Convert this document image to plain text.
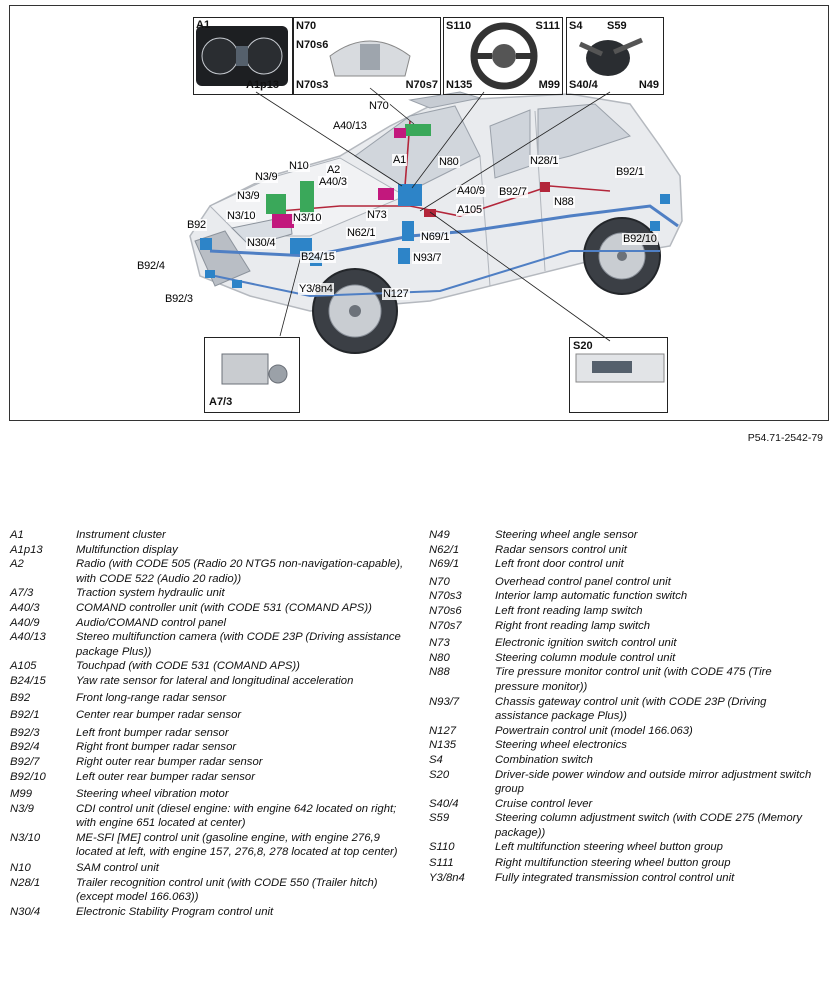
A1
A1p13
N70
N70s6
N70s3	N70s7
S110	S111
N135	M99
S4 S59
S40/4	N49
A7/3
S20
N70
A40/13
N10 A2
A40/3
A1	N80	N28/1
B92/1
N3/9
N3/9
N3/10	N3/10	N73
A40/9 B92/7
A105
N88
B92
N62/1	N69/1	B92/10
N30/4
B92/4
B24/15	N93/7
Y3/8n4	N127
B92/3
P54.71-2542-79
A1	Instrument cluster
A1p13	Multifunction display
A2	Radio (with CODE 505 (Radio 20 NTG5 non-navigation-capable), with CODE 522 (Audio 20 radio))
A7/3	Traction system hydraulic unit
A40/3	COMAND controller unit (with CODE 531 (COMAND APS))
A40/9	Audio/COMAND control panel
A40/13	Stereo multifunction camera (with CODE 23P (Driving assistance package Plus))
A105	Touchpad (with CODE 531 (COMAND APS))
B24/15	Yaw rate sensor for lateral and longitudinal acceleration
B92	Front long-range radar sensor
B92/1	Center rear bumper radar sensor
B92/3	Left front bumper radar sensor
B92/4	Right front bumper radar sensor
B92/7	Right outer rear bumper radar sensor
B92/10	Left outer rear bumper radar sensor
M99	Steering wheel vibration motor
N3/9	CDI control unit (diesel engine: with engine 642 located on right; with engine 651 located at center)
N3/10	ME-SFI [ME] control unit (gasoline engine, with engine 276,9 located at left, with engine 157, 276,8, 278 located at top center)
N10	SAM control unit
N28/1	Trailer recognition control unit (with CODE 550 (Trailer hitch) (except model 166.063))
N30/4	Electronic Stability Program control unit
N49	Steering wheel angle sensor
N62/1	Radar sensors control unit
N69/1	Left front door control unit
N70	Overhead control panel control unit
N70s3	Interior lamp automatic function switch
N70s6	Left front reading lamp switch
N70s7	Right front reading lamp switch
N73	Electronic ignition switch control unit
N80	Steering column module control unit
N88	Tire pressure monitor control unit (with CODE 475 (Tire pressure monitor))
N93/7	Chassis gateway control unit (with CODE 23P (Driving assistance package Plus))
N127	Powertrain control unit (model 166.063)
N135	Steering wheel electronics
S4	Combination switch
S20	Driver-side power window and outside mirror adjustment switch group
S40/4	Cruise control lever
S59	Steering column adjustment switch (with CODE 275 (Memory package))
S110	Left multifunction steering wheel button group
S111	Right multifunction steering wheel button group
Y3/8n4	Fully integrated transmission control control unit
